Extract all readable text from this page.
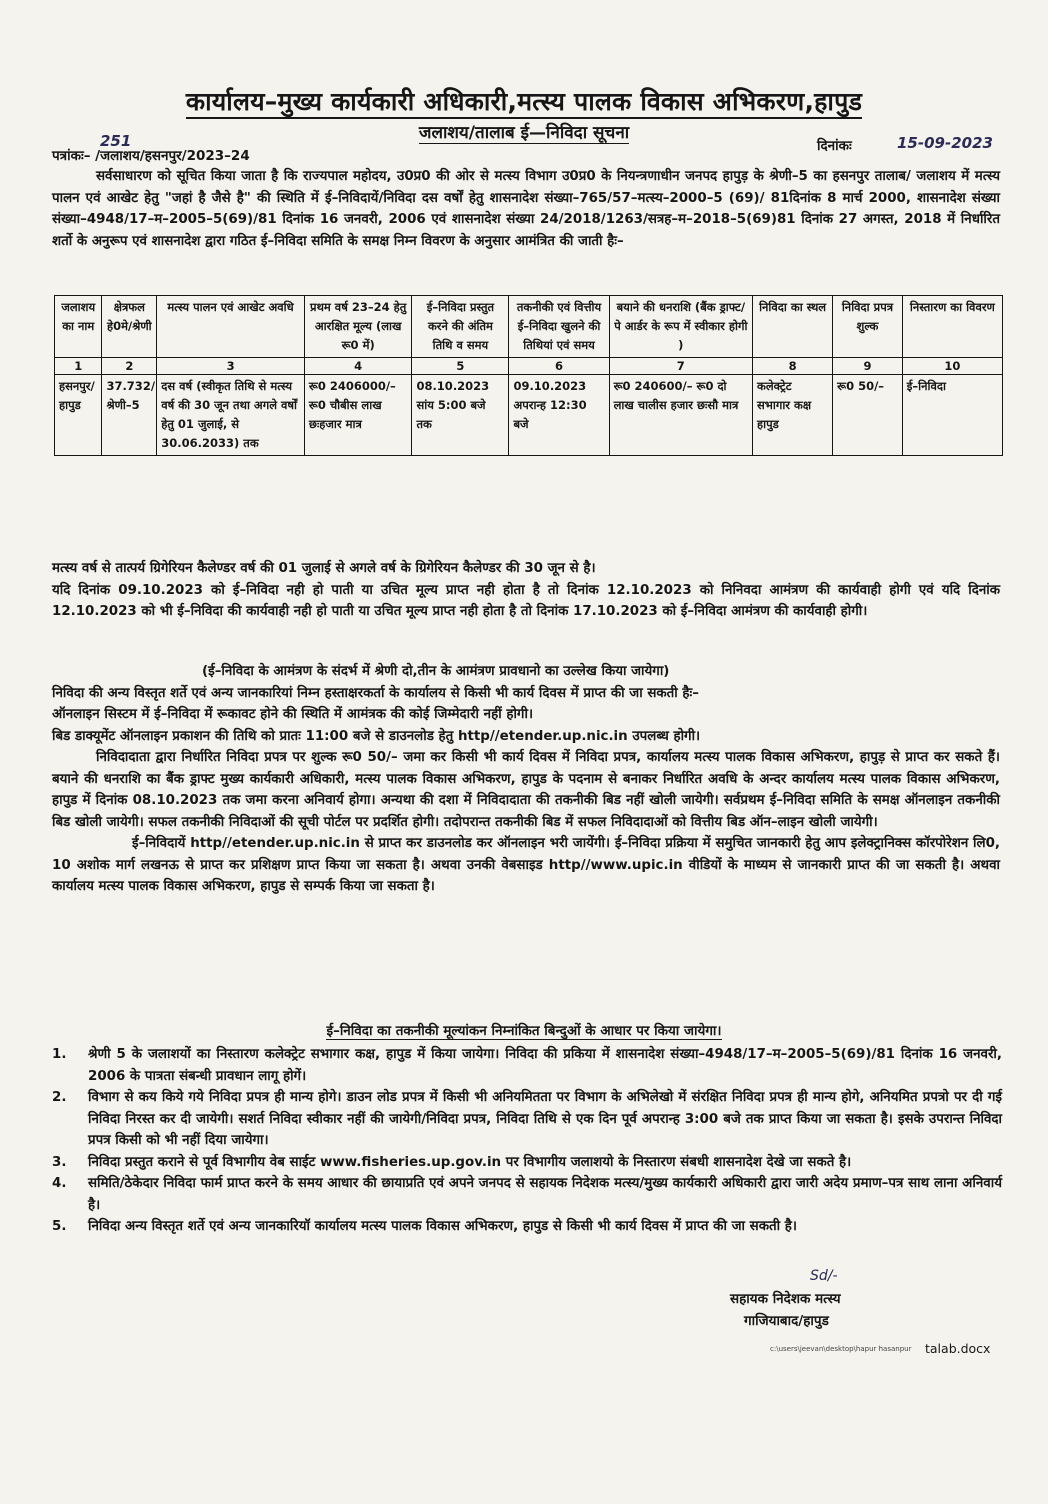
कार्यालय–मुख्य कार्यकारी अधिकारी,मत्स्य पालक विकास अभिकरण,हापुड
जलाशय/तालाब ई—निविदा सूचना
पत्रांकः– /जलाशय/हसनपुर/2023–24
251	दिनांकः	15-09-2023
सर्वसाधारण को सूचित किया जाता है कि राज्यपाल महोदय, उ0प्र0 की ओर से मत्स्य विभाग उ0प्र0 के नियन्त्रणाधीन जनपद हापुड़ के श्रेणी–5 का हसनपुर तालाब/ जलाशय में मत्स्य पालन एवं आखेट हेतु "जहां है जैसे है" की स्थिति में ई–निविदायें/निविदा दस वर्षों हेतु शासनादेश संख्या–765/57–मत्स्य–2000–5 (69)/ 81दिनांक 8 मार्च 2000, शासनादेश संख्या संख्या–4948/17–म–2005–5(69)/81 दिनांक 16 जनवरी, 2006 एवं शासनादेश संख्या 24/2018/1263/सत्रह–म–2018–5(69)81 दिनांक 27 अगस्त, 2018 में निर्धारित शर्तो के अनुरूप एवं शासनादेश द्वारा गठित ई–निविदा समिति के समक्ष निम्न विवरण के अनुसार आमंत्रित की जाती हैः–
जलाशय का नाम	क्षेत्रफल हे0मे/श्रेणी	मत्स्य पालन एवं आखेट अवधि	प्रथम वर्ष 23–24 हेतु आरक्षित मूल्य (लाख रू0 में)	ई–निविदा प्रस्तुत करने की अंतिम तिथि व समय	तकनीकी एवं वित्तीय ई–निविदा खुलने की तिथियां एवं समय	बयाने की धनराशि (बैंक ड्राफ्ट/पे आर्डर के रूप में स्वीकार होगी )	निविदा का स्थल	निविदा प्रपत्र शुल्क	निस्तारण का विवरण
1	2	3	4	5	6	7	8	9	10
हसनपुर/ हापुड	37.732/ श्रेणी–5	दस वर्ष (स्वीकृत तिथि से मत्स्य वर्ष की 30 जून तथा अगले वर्षों हेतु 01 जुलाई, से 30.06.2033) तक	रू0 2406000/– रू0 चौबीस लाख छःहजार मात्र	08.10.2023 सांय 5:00 बजे तक	09.10.2023 अपरान्ह 12:30 बजे	रू0 240600/– रू0 दो लाख चालीस हजार छःसौ मात्र	कलेक्ट्रेट सभागार कक्ष हापुड	रू0 50/–	ई–निविदा
मत्स्य वर्ष से तात्पर्य ग्रिगेरियन कैलेण्डर वर्ष की 01 जुलाई से अगले वर्ष के ग्रिगेरियन कैलेण्डर की 30 जून से है।
यदि दिनांक 09.10.2023 को ई–निविदा नही हो पाती या उचित मूल्य प्राप्त नही होता है तो दिनांक 12.10.2023 को निनिवदा आमंत्रण की कार्यवाही होगी एवं यदि दिनांक 12.10.2023 को भी ई–निविदा की कार्यवाही नही हो पाती या उचित मूल्य प्राप्त नही होता है तो दिनांक 17.10.2023 को ई–निविदा आमंत्रण की कार्यवाही होगी।
(ई–निविदा के आमंत्रण के संदर्भ में श्रेणी दो,तीन के आमंत्रण प्रावधानो का उल्लेख किया जायेगा)
निविदा की अन्य विस्तृत शर्ते एवं अन्य जानकारियां निम्न हस्ताक्षरकर्ता के कार्यालय से किसी भी कार्य दिवस में प्राप्त की जा सकती हैः–
ऑनलाइन सिस्टम में ई–निविदा में रूकावट होने की स्थिति में आमंत्रक की कोई जिम्मेदारी नहीं होगी।
बिड डाक्यूमेंट ऑनलाइन प्रकाशन की तिथि को प्रातः 11:00 बजे से डाउनलोड हेतु http//etender.up.nic.in उपलब्ध होगी।
निविदादाता द्वारा निर्धारित निविदा प्रपत्र पर शुल्क रू0 50/– जमा कर किसी भी कार्य दिवस में निविदा प्रपत्र, कार्यालय मत्स्य पालक विकास अभिकरण, हापुड़ से प्राप्त कर सकते हैं। बयाने की धनराशि का बैंक ड्राफ्ट मुख्य कार्यकारी अधिकारी, मत्स्य पालक विकास अभिकरण, हापुड के पदनाम से बनाकर निर्धारित अवधि के अन्दर कार्यालय मत्स्य पालक विकास अभिकरण, हापुड में दिनांक 08.10.2023 तक जमा करना अनिवार्य होगा। अन्यथा की दशा में निविदादाता की तकनीकी बिड नहीं खोली जायेगी। सर्वप्रथम ई–निविदा समिति के समक्ष ऑनलाइन तकनीकी बिड खोली जायेगी। सफल तकनीकी निविदाओं की सूची पोर्टल पर प्रदर्शित होगी। तदोपरान्त तकनीकी बिड में सफल निविदादाओं को वित्तीय बिड ऑन–लाइन खोली जायेगी।
ई–निविदायें http//etender.up.nic.in से प्राप्त कर डाउनलोड कर ऑनलाइन भरी जायेंगी। ई–निविदा प्रक्रिया में समुचित जानकारी हेतु आप इलेक्ट्रानिक्स कॉरपोरेशन लि0, 10 अशोक मार्ग लखनऊ से प्राप्त कर प्रशिक्षण प्राप्त किया जा सकता है। अथवा उनकी वेबसाइड http//www.upic.in वीडियों के माध्यम से जानकारी प्राप्त की जा सकती है। अथवा कार्यालय मत्स्य पालक विकास अभिकरण, हापुड से सम्पर्क किया जा सकता है।
ई–निविदा का तकनीकी मूल्यांकन निम्नांकित बिन्दुओं के आधार पर किया जायेगा।
1. श्रेणी 5 के जलाशयों का निस्तारण कलेक्ट्रेट सभागार कक्ष, हापुड में किया जायेगा। निविदा की प्रकिया में शासनादेश संख्या–4948/17–म–2005–5(69)/81 दिनांक 16 जनवरी, 2006 के पात्रता संबन्धी प्रावधान लागू होगें।
2. विभाग से कय किये गये निविदा प्रपत्र ही मान्य होगे। डाउन लोड प्रपत्र में किसी भी अनियमितता पर विभाग के अभिलेखो में संरक्षित निविदा प्रपत्र ही मान्य होगे, अनियमित प्रपत्रो पर दी गई निविदा निरस्त कर दी जायेगी। सशर्त निविदा स्वीकार नहीं की जायेगी/निविदा प्रपत्र, निविदा तिथि से एक दिन पूर्व अपरान्ह 3:00 बजे तक प्राप्त किया जा सकता है। इसके उपरान्त निविदा प्रपत्र किसी को भी नहीं दिया जायेगा।
3. निविदा प्रस्तुत कराने से पूर्व विभागीय वेब साईट www.fisheries.up.gov.in पर विभागीय जलाशयो के निस्तारण संबधी शासनादेश देखे जा सकते है।
4. समिति/ठेकेदार निविदा फार्म प्राप्त करने के समय आधार की छायाप्रति एवं अपने जनपद से सहायक निदेशक मत्स्य/मुख्य कार्यकारी अधिकारी द्वारा जारी अदेय प्रमाण–पत्र साथ लाना अनिवार्य है।
5. निविदा अन्य विस्तृत शर्ते एवं अन्य जानकारियॉ कार्यालय मत्स्य पालक विकास अभिकरण, हापुड से किसी भी कार्य दिवस में प्राप्त की जा सकती है।
Sd/-
सहायक निदेशक मत्स्य
गाजियाबाद/हापुड
c:\users\jeevan\desktop\hapur hasanpur talab.docx
